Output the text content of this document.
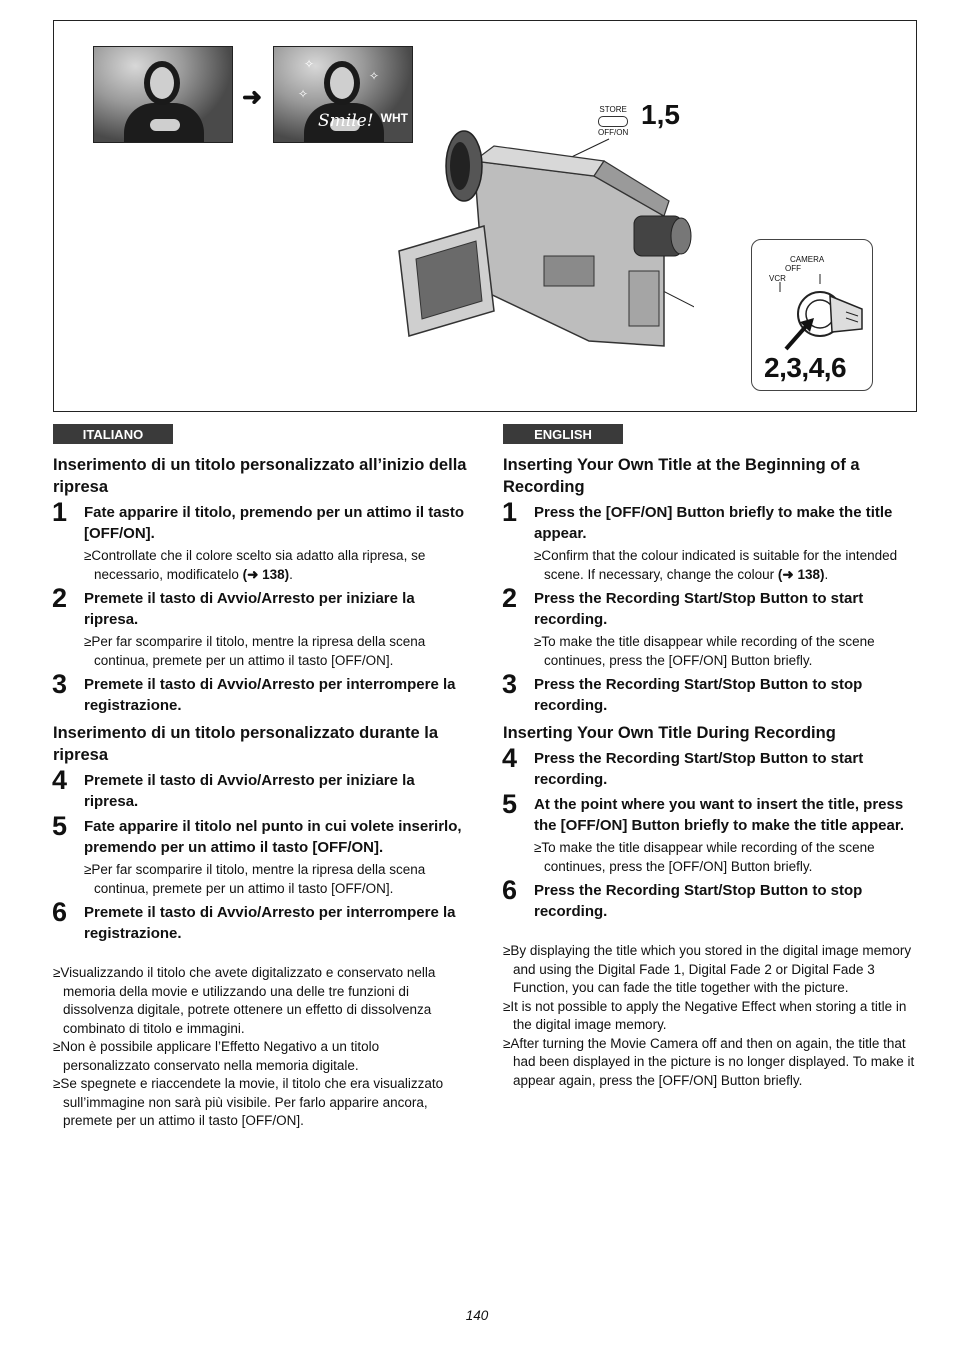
➜
✧
✧
✧
Smile! WHT
STORE
OFF/ON
1,5
CAMERA
OFF
VCR
2,3,4,6
ITALIANO	ENGLISH
Inserimento di un titolo personalizzato all’inizio della ripresa
1 Fate apparire il titolo, premendo per un attimo il tasto [OFF/ON].
≥Controllate che il colore scelto sia adatto alla ripresa, se necessario, modificatelo (➜ 138).
2 Premete il tasto di Avvio/Arresto per iniziare la ripresa.
≥Per far scomparire il titolo, mentre la ripresa della scena continua, premete per un attimo il tasto [OFF/ON].
3 Premete il tasto di Avvio/Arresto per interrompere la registrazione.
Inserimento di un titolo personalizzato durante la ripresa
4 Premete il tasto di Avvio/Arresto per iniziare la ripresa.
5 Fate apparire il titolo nel punto in cui volete inserirlo, premendo per un attimo il tasto [OFF/ON].
≥Per far scomparire il titolo, mentre la ripresa della scena continua, premete per un attimo il tasto [OFF/ON].
6 Premete il tasto di Avvio/Arresto per interrompere la registrazione.
≥Visualizzando il titolo che avete digitalizzato e conservato nella memoria della movie e utilizzando una delle tre funzioni di dissolvenza digitale, potrete ottenere un effetto di dissolvenza combinato di titolo e immagini.
≥Non è possibile applicare l’Effetto Negativo a un titolo personalizzato conservato nella memoria digitale.
≥Se spegnete e riaccendete la movie, il titolo che era visualizzato sull’immagine non sarà più visibile. Per farlo apparire ancora, premete per un attimo il tasto [OFF/ON].
Inserting Your Own Title at the Beginning of a Recording
1 Press the [OFF/ON] Button briefly to make the title appear.
≥Confirm that the colour indicated is suitable for the intended scene. If necessary, change the colour (➜ 138).
2 Press the Recording Start/Stop Button to start recording.
≥To make the title disappear while recording of the scene continues, press the [OFF/ON] Button briefly.
3 Press the Recording Start/Stop Button to stop recording.
Inserting Your Own Title During Recording
4 Press the Recording Start/Stop Button to start recording.
5 At the point where you want to insert the title, press the [OFF/ON] Button briefly to make the title appear.
≥To make the title disappear while recording of the scene continues, press the [OFF/ON] Button briefly.
6 Press the Recording Start/Stop Button to stop recording.
≥By displaying the title which you stored in the digital image memory and using the Digital Fade 1, Digital Fade 2 or Digital Fade 3 Function, you can fade the title together with the picture.
≥It is not possible to apply the Negative Effect when storing a title in the digital image memory.
≥After turning the Movie Camera off and then on again, the title that had been displayed in the picture is no longer displayed. To make it appear again, press the [OFF/ON] Button briefly.
140
